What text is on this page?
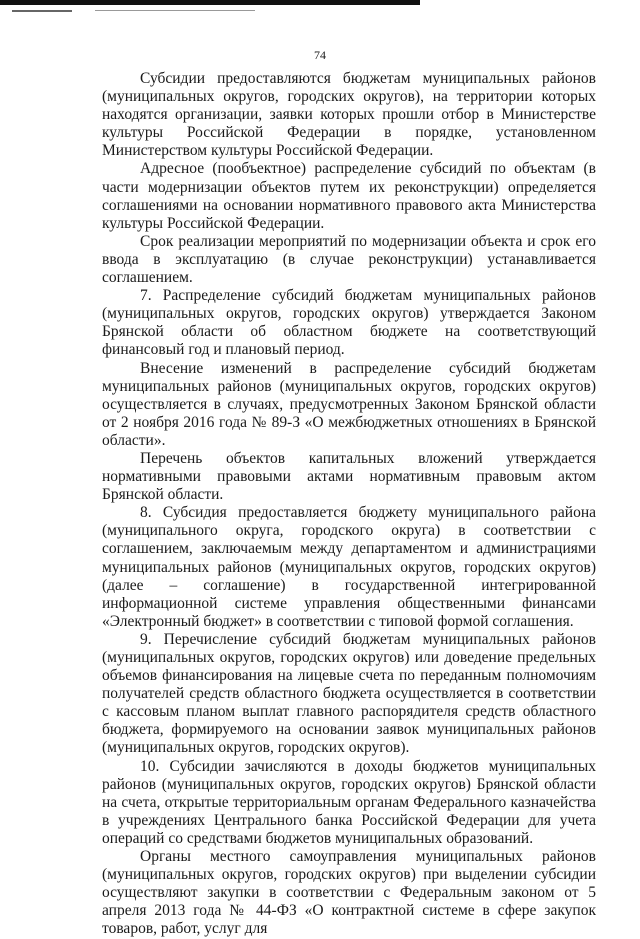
74

Субсидии предоставляются бюджетам муниципальных районов (муниципальных округов, городских округов), на территории которых находятся организации, заявки которых прошли отбор в Министерстве культуры Российской Федерации в порядке, установленном Министерством культуры Российской Федерации.

Адресное (пообъектное) распределение субсидий по объектам (в части модернизации объектов путем их реконструкции) определяется соглашениями на основании нормативного правового акта Министерства культуры Российской Федерации.

Срок реализации мероприятий по модернизации объекта и срок его ввода в эксплуатацию (в случае реконструкции) устанавливается соглашением.

7. Распределение субсидий бюджетам муниципальных районов (муниципальных округов, городских округов) утверждается Законом Брянской области об областном бюджете на соответствующий финансовый год и плановый период.

Внесение изменений в распределение субсидий бюджетам муниципальных районов (муниципальных округов, городских округов) осуществляется в случаях, предусмотренных Законом Брянской области от 2 ноября 2016 года № 89-З «О межбюджетных отношениях в Брянской области».

Перечень объектов капитальных вложений утверждается нормативными правовыми актами нормативным правовым актом Брянской области.

8. Субсидия предоставляется бюджету муниципального района (муниципального округа, городского округа) в соответствии с соглашением, заключаемым между департаментом и администрациями муниципальных районов (муниципальных округов, городских округов) (далее – соглашение) в государственной интегрированной информационной системе управления общественными финансами «Электронный бюджет» в соответствии с типовой формой соглашения.

9. Перечисление субсидий бюджетам муниципальных районов (муниципальных округов, городских округов) или доведение предельных объемов финансирования на лицевые счета по переданным полномочиям получателей средств областного бюджета осуществляется в соответствии с кассовым планом выплат главного распорядителя средств областного бюджета, формируемого на основании заявок муниципальных районов (муниципальных округов, городских округов).

10. Субсидии зачисляются в доходы бюджетов муниципальных районов (муниципальных округов, городских округов) Брянской области на счета, открытые территориальным органам Федерального казначейства в учреждениях Центрального банка Российской Федерации для учета операций со средствами бюджетов муниципальных образований.

Органы местного самоуправления муниципальных районов (муниципальных округов, городских округов) при выделении субсидии осуществляют закупки в соответствии с Федеральным законом от 5 апреля 2013 года № 44-ФЗ «О контрактной системе в сфере закупок товаров, работ, услуг для
